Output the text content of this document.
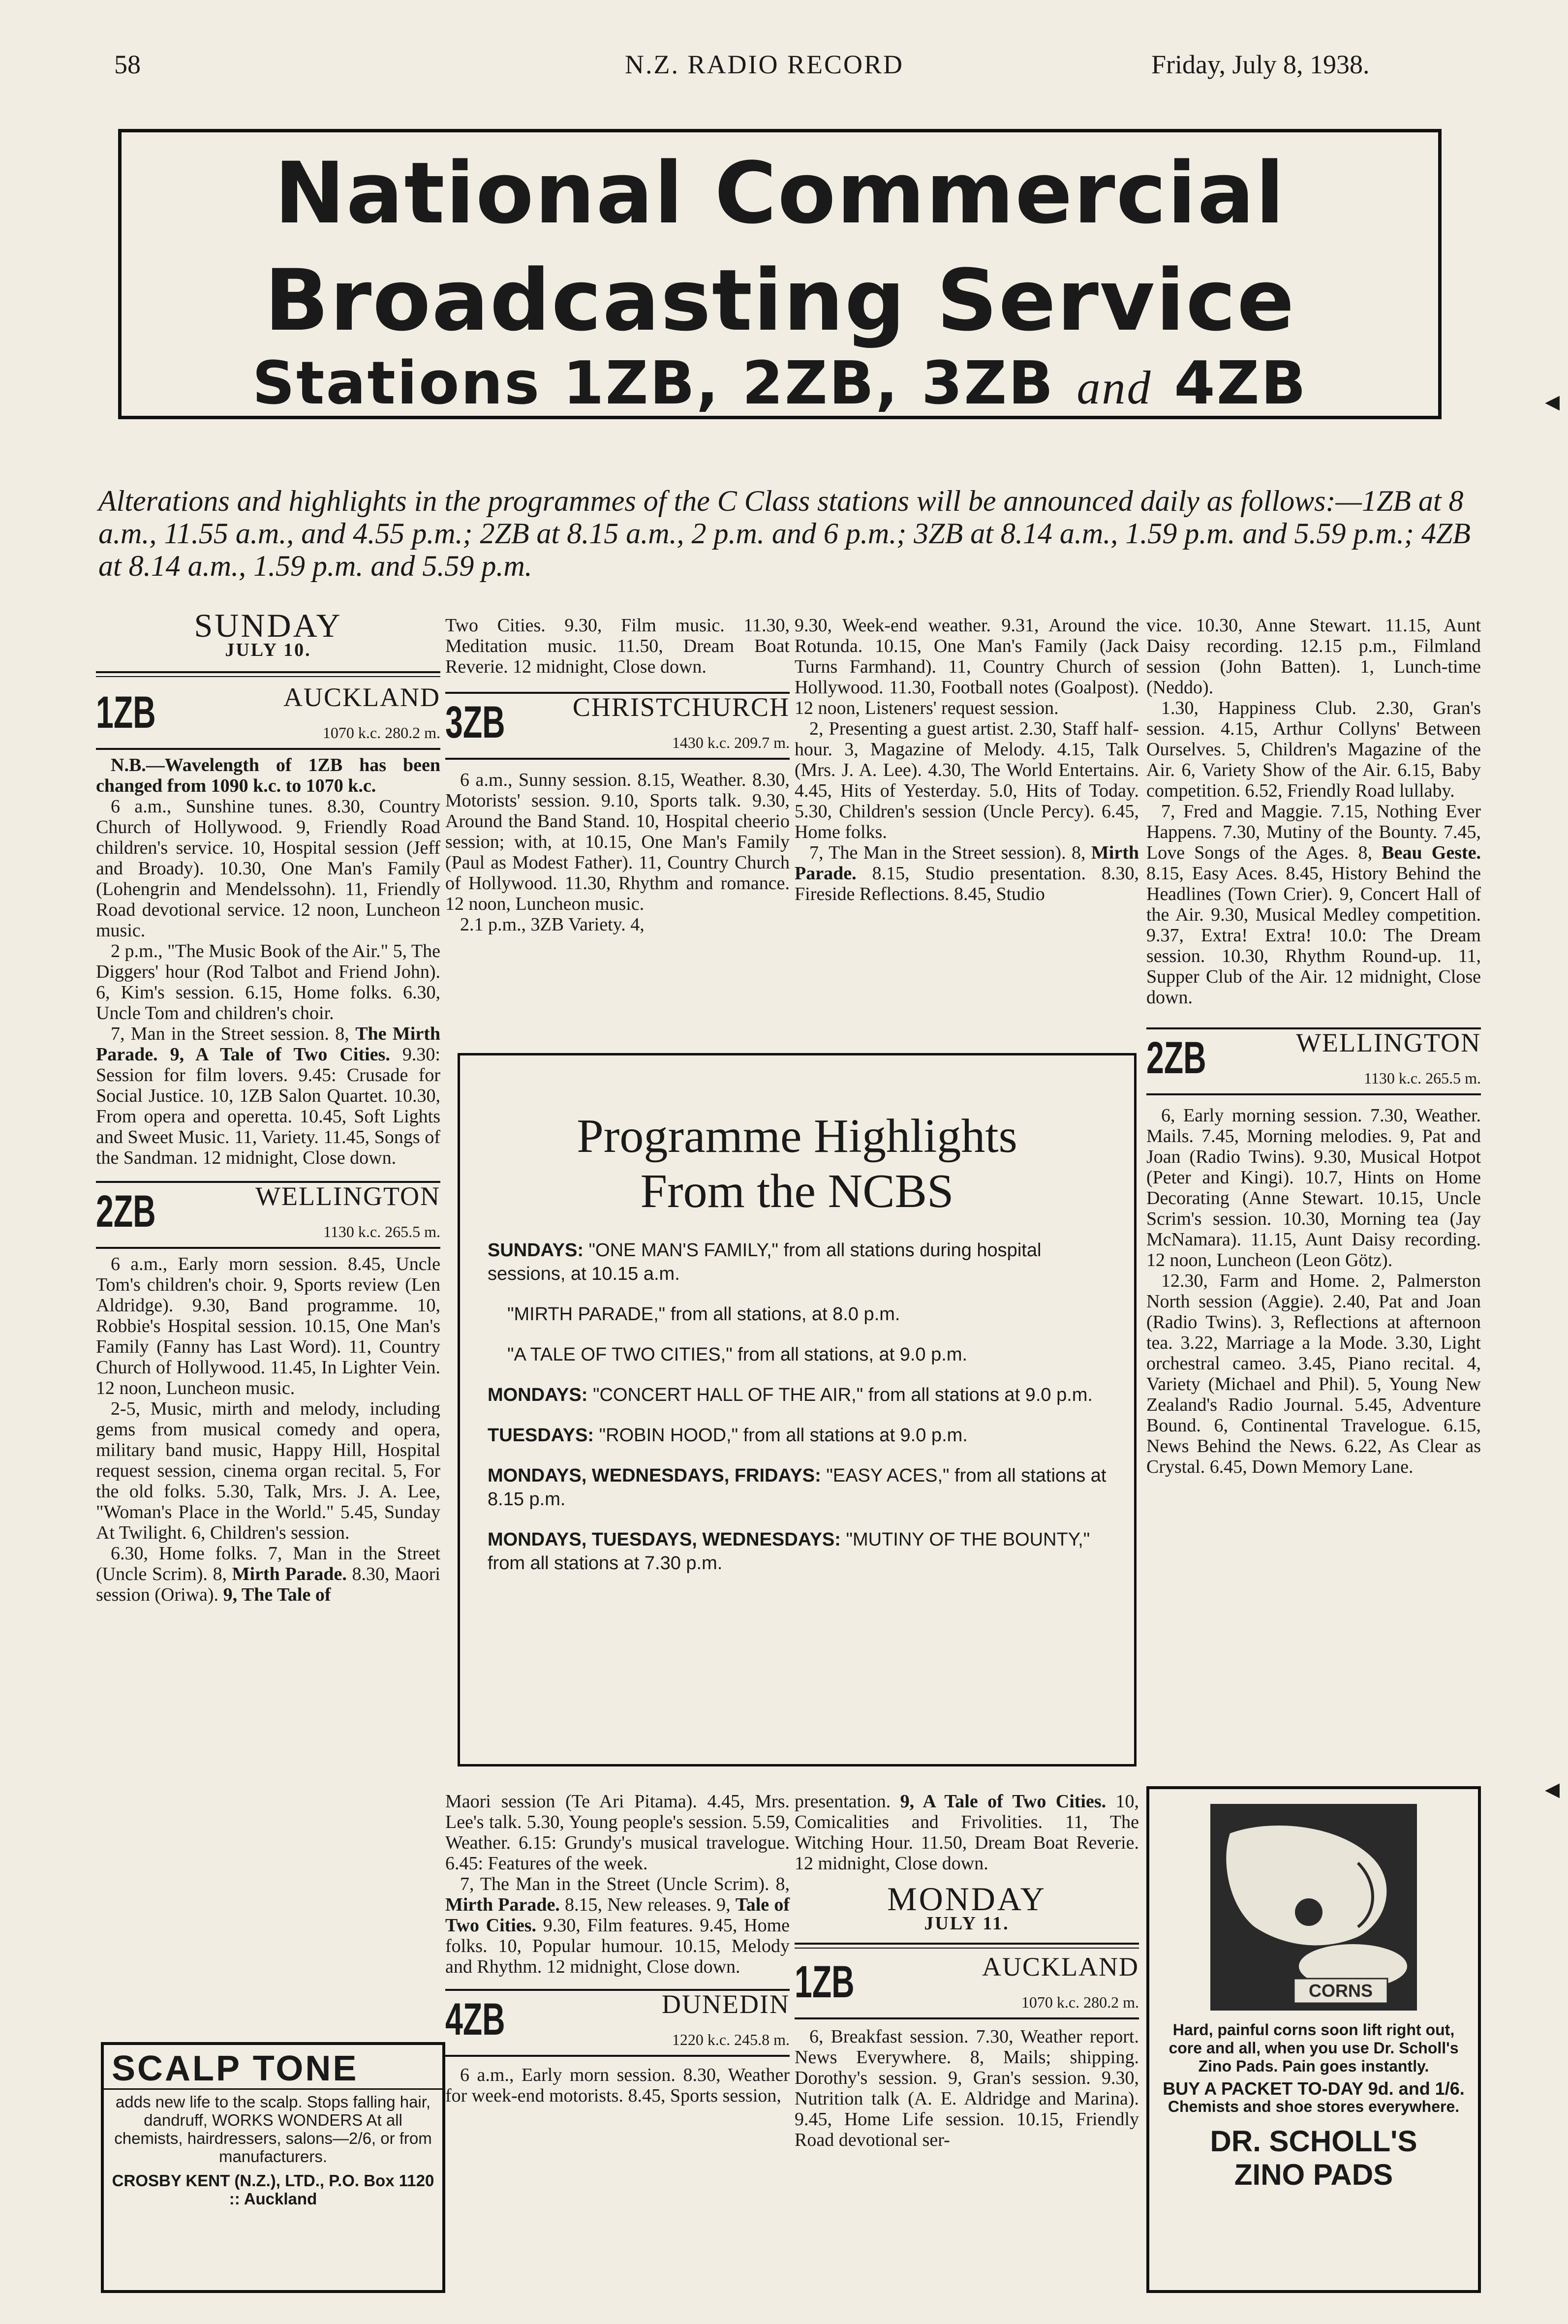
58	N.Z. RADIO RECORD	Friday, July 8, 1938.
National Commercial
Broadcasting Service
Stations 1ZB, 2ZB, 3ZB and 4ZB
Alterations and highlights in the programmes of the C Class stations will be announced daily as follows:—1ZB at 8 a.m., 11.55 a.m., and 4.55 p.m.; 2ZB at 8.15 a.m., 2 p.m. and 6 p.m.; 3ZB at 8.14 a.m., 1.59 p.m. and 5.59 p.m.; 4ZB at 8.14 a.m., 1.59 p.m. and 5.59 p.m.
SUNDAY
JULY 10.
1ZB	AUCKLAND
1070 k.c. 280.2 m.

N.B.—Wavelength of 1ZB has been changed from 1090 k.c. to 1070 k.c.

6 a.m., Sunshine tunes. 8.30, Country Church of Hollywood. 9, Friendly Road children's service. 10, Hospital session (Jeff and Broady). 10.30, One Man's Family (Lohengrin and Mendelssohn). 11, Friendly Road devotional service. 12 noon, Luncheon music.

2 p.m., "The Music Book of the Air." 5, The Diggers' hour (Rod Talbot and Friend John). 6, Kim's session. 6.15, Home folks. 6.30, Uncle Tom and children's choir.

7, Man in the Street session. 8, The Mirth Parade. 9, A Tale of Two Cities. 9.30: Session for film lovers. 9.45: Crusade for Social Justice. 10, 1ZB Salon Quartet. 10.30, From opera and operetta. 10.45, Soft Lights and Sweet Music. 11, Variety. 11.45, Songs of the Sandman. 12 midnight, Close down.

2ZB	WELLINGTON
1130 k.c. 265.5 m.

6 a.m., Early morn session. 8.45, Uncle Tom's children's choir. 9, Sports review (Len Aldridge). 9.30, Band programme. 10, Robbie's Hospital session. 10.15, One Man's Family (Fanny has Last Word). 11, Country Church of Hollywood. 11.45, In Lighter Vein. 12 noon, Luncheon music.

2-5, Music, mirth and melody, including gems from musical comedy and opera, military band music, Happy Hill, Hospital request session, cinema organ recital. 5, For the old folks. 5.30, Talk, Mrs. J. A. Lee, "Woman's Place in the World." 5.45, Sunday At Twilight. 6, Children's session.

6.30, Home folks. 7, Man in the Street (Uncle Scrim). 8, Mirth Parade. 8.30, Maori session (Oriwa). 9, The Tale of

Two Cities. 9.30, Film music. 11.30, Meditation music. 11.50, Dream Boat Reverie. 12 midnight, Close down.

3ZB	CHRISTCHURCH
1430 k.c. 209.7 m.

6 a.m., Sunny session. 8.15, Weather. 8.30, Motorists' session. 9.10, Sports talk. 9.30, Around the Band Stand. 10, Hospital cheerio session; with, at 10.15, One Man's Family (Paul as Modest Father). 11, Country Church of Hollywood. 11.30, Rhythm and romance. 12 noon, Luncheon music.

2.1 p.m., 3ZB Variety. 4,

9.30, Week-end weather. 9.31, Around the Rotunda. 10.15, One Man's Family (Jack Turns Farmhand). 11, Country Church of Hollywood. 11.30, Football notes (Goalpost). 12 noon, Listeners' request session.

2, Presenting a guest artist. 2.30, Staff half-hour. 3, Magazine of Melody. 4.15, Talk (Mrs. J. A. Lee). 4.30, The World Entertains. 4.45, Hits of Yesterday. 5.0, Hits of Today. 5.30, Children's session (Uncle Percy). 6.45, Home folks.

7, The Man in the Street session). 8, Mirth Parade. 8.15, Studio presentation. 8.30, Fireside Reflections. 8.45, Studio

Programme Highlights
From the NCBS

SUNDAYS: "ONE MAN'S FAMILY," from all stations during hospital sessions, at 10.15 a.m.

"MIRTH PARADE," from all stations, at 8.0 p.m.

"A TALE OF TWO CITIES," from all stations, at 9.0 p.m.

MONDAYS: "CONCERT HALL OF THE AIR," from all stations at 9.0 p.m.

TUESDAYS: "ROBIN HOOD," from all stations at 9.0 p.m.

MONDAYS, WEDNESDAYS, FRIDAYS: "EASY ACES," from all stations at 8.15 p.m.

MONDAYS, TUESDAYS, WEDNESDAYS: "MUTINY OF THE BOUNTY," from all stations at 7.30 p.m.

vice. 10.30, Anne Stewart. 11.15, Aunt Daisy recording. 12.15 p.m., Filmland session (John Batten). 1, Lunch-time (Neddo).

1.30, Happiness Club. 2.30, Gran's session. 4.15, Arthur Collyns' Between Ourselves. 5, Children's Magazine of the Air. 6, Variety Show of the Air. 6.15, Baby competition. 6.52, Friendly Road lullaby.

7, Fred and Maggie. 7.15, Nothing Ever Happens. 7.30, Mutiny of the Bounty. 7.45, Love Songs of the Ages. 8, Beau Geste. 8.15, Easy Aces. 8.45, History Behind the Headlines (Town Crier). 9, Concert Hall of the Air. 9.30, Musical Medley competition. 9.37, Extra! Extra! 10.0: The Dream session. 10.30, Rhythm Round-up. 11, Supper Club of the Air. 12 midnight, Close down.

2ZB	WELLINGTON
1130 k.c. 265.5 m.

6, Early morning session. 7.30, Weather. Mails. 7.45, Morning melodies. 9, Pat and Joan (Radio Twins). 9.30, Musical Hotpot (Peter and Kingi). 10.7, Hints on Home Decorating (Anne Stewart. 10.15, Uncle Scrim's session. 10.30, Morning tea (Jay McNamara). 11.15, Aunt Daisy recording. 12 noon, Luncheon (Leon Götz).

12.30, Farm and Home. 2, Palmerston North session (Aggie). 2.40, Pat and Joan (Radio Twins). 3, Reflections at afternoon tea. 3.22, Marriage a la Mode. 3.30, Light orchestral cameo. 3.45, Piano recital. 4, Variety (Michael and Phil). 5, Young New Zealand's Radio Journal. 5.45, Adventure Bound. 6, Continental Travelogue. 6.15, News Behind the News. 6.22, As Clear as Crystal. 6.45, Down Memory Lane.

Maori session (Te Ari Pitama). 4.45, Mrs. Lee's talk. 5.30, Young people's session. 5.59, Weather. 6.15: Grundy's musical travelogue. 6.45: Features of the week.

7, The Man in the Street (Uncle Scrim). 8, Mirth Parade. 8.15, New releases. 9, Tale of Two Cities. 9.30, Film features. 9.45, Home folks. 10, Popular humour. 10.15, Melody and Rhythm. 12 midnight, Close down.

4ZB	DUNEDIN
1220 k.c. 245.8 m.

6 a.m., Early morn session. 8.30, Weather for week-end motorists. 8.45, Sports session,

presentation. 9, A Tale of Two Cities. 10, Comicalities and Frivolities. 11, The Witching Hour. 11.50, Dream Boat Reverie. 12 midnight, Close down.

MONDAY
JULY 11.
1ZB	AUCKLAND
1070 k.c. 280.2 m.

6, Breakfast session. 7.30, Weather report. News Everywhere. 8, Mails; shipping. Dorothy's session. 9, Gran's session. 9.30, Nutrition talk (A. E. Aldridge and Marina). 9.45, Home Life session. 10.15, Friendly Road devotional ser-

SCALP TONE
adds new life to the scalp. Stops falling hair, dandruff, WORKS WONDERS At all chemists, hairdressers, salons—2/6, or from manufacturers.
CROSBY KENT (N.Z.), LTD., P.O. Box 1120 :: Auckland
CORNS
Hard, painful corns soon lift right out, core and all, when you use Dr. Scholl's Zino Pads. Pain goes instantly.
BUY A PACKET TO-DAY 9d. and 1/6.
Chemists and shoe stores everywhere.
DR. SCHOLL'S
ZINO PADS
◂
◂
